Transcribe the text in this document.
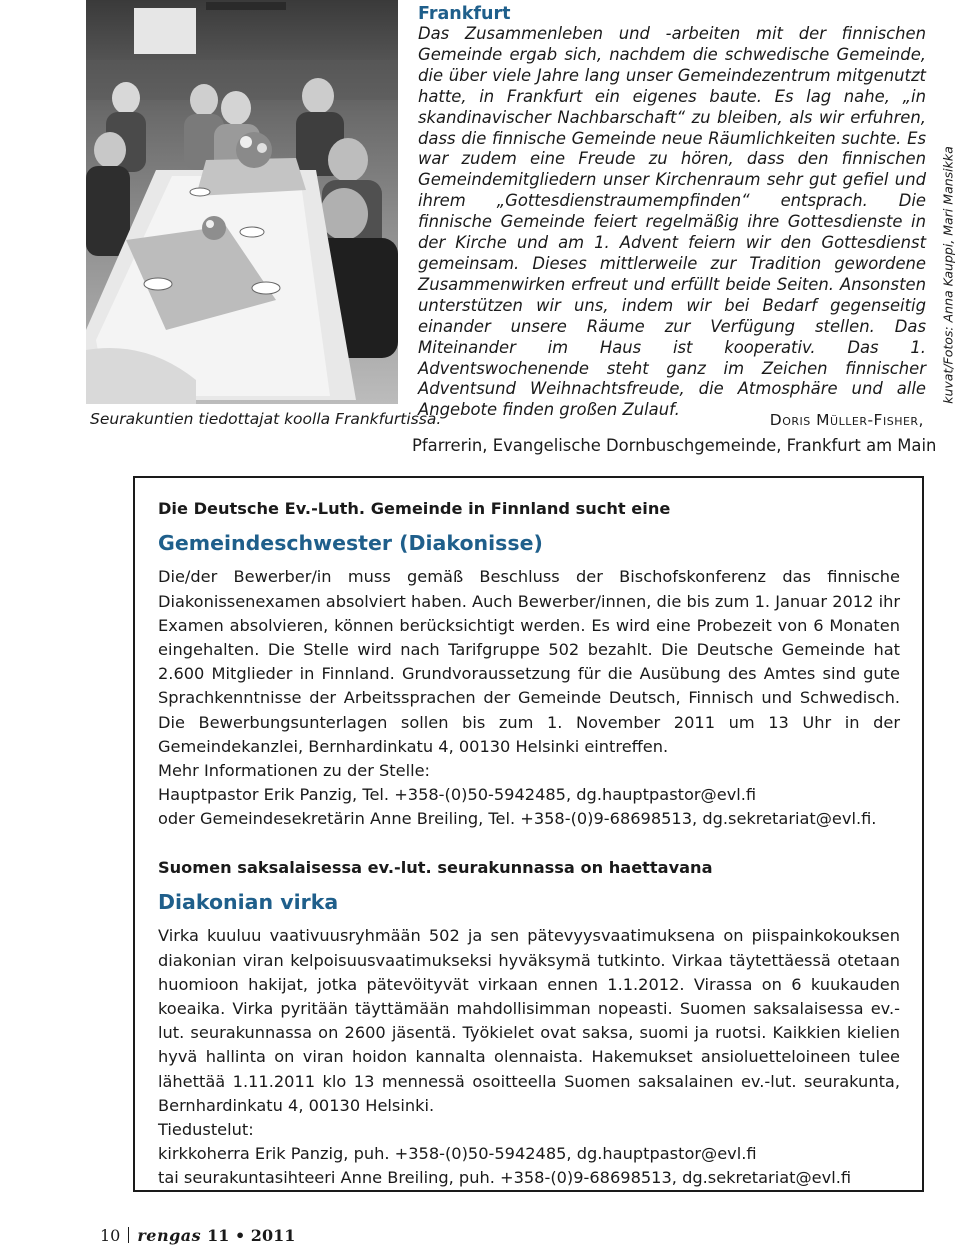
Seurakuntien tiedottajat koolla Frankfurtissa.
kuvat/Fotos: Anna Kauppi, Mari Mansikka
Frankfurt

Das Zusammenleben und -arbeiten mit der finnischen Gemeinde ergab sich, nachdem die schwedische Gemeinde, die über viele Jahre lang unser Gemeindezentrum mitgenutzt hatte, in Frankfurt ein eigenes baute. Es lag nahe, „in skandinavischer Nachbarschaft“ zu bleiben, als wir erfuhren, dass die finnische Gemeinde neue Räumlichkeiten suchte. Es war zudem eine Freude zu hören, dass den finnischen Gemeindemitgliedern unser Kirchenraum sehr gut gefiel und ihrem „Gottesdienstraumempfinden“ entsprach. Die finnische Gemeinde feiert regelmäßig ihre Gottesdienste in der Kirche und am 1. Advent feiern wir den Gottesdienst gemeinsam. Dieses mittlerweile zur Tradition gewordene Zusammenwirken erfreut und erfüllt beide Seiten. Ansonsten unterstützen wir uns, indem wir bei Bedarf gegenseitig einander unsere Räume zur Verfügung stellen. Das Miteinander im Haus ist kooperativ. Das 1. Adventswochenende steht ganz im Zeichen finnischer Adventsund Weihnachtsfreude, die Atmosphäre und alle Angebote finden großen Zulauf.

Doris Müller-Fisher,
Pfarrerin, Evangelische Dornbuschgemeinde, Frankfurt am Main
Die Deutsche Ev.-Luth. Gemeinde in Finnland sucht eine
Gemeindeschwester (Diakonisse)

Die/der Bewerber/in muss gemäß Beschluss der Bischofskonferenz das finnische Diakonissenexamen absolviert haben. Auch Bewerber/innen, die bis zum 1. Januar 2012 ihr Examen absolvieren, können berücksichtigt werden. Es wird eine Probezeit von 6 Monaten eingehalten. Die Stelle wird nach Tarifgruppe 502 bezahlt. Die Deutsche Gemeinde hat 2.600 Mitglieder in Finnland. Grundvoraussetzung für die Ausübung des Amtes sind gute Sprachkenntnisse der Arbeitssprachen der Gemeinde Deutsch, Finnisch und Schwedisch. Die Bewerbungsunterlagen sollen bis zum 1. November 2011 um 13 Uhr in der Gemeindekanzlei, Bernhardinkatu 4, 00130 Helsinki eintreffen.

Mehr Informationen zu der Stelle:
Hauptpastor Erik Panzig, Tel. +358-(0)50-5942485, dg.hauptpastor@evl.fi
oder Gemeindesekretärin Anne Breiling, Tel. +358-(0)9-68698513, dg.sekretariat@evl.fi.
Suomen saksalaisessa ev.-lut. seurakunnassa on haettavana
Diakonian virka

Virka kuuluu vaativuusryhmään 502 ja sen pätevyysvaatimuksena on piispainkokouksen diakonian viran kelpoisuusvaatimukseksi hyväksymä tutkinto. Virkaa täytettäessä otetaan huomioon hakijat, jotka pätevöityvät virkaan ennen 1.1.2012. Virassa on 6 kuukauden koeaika. Virka pyritään täyttämään mahdollisimman nopeasti. Suomen saksalaisessa ev.-lut. seurakunnassa on 2600 jäsentä. Työkielet ovat saksa, suomi ja ruotsi. Kaikkien kielien hyvä hallinta on viran hoidon kannalta olennaista. Hakemukset ansioluetteloineen tulee lähettää 1.11.2011 klo 13 mennessä osoitteella Suomen saksalainen ev.-lut. seurakunta, Bernhardinkatu 4, 00130 Helsinki.

Tiedustelut:
kirkkoherra Erik Panzig, puh. +358-(0)50-5942485, dg.hauptpastor@evl.fi
tai seurakuntasihteeri Anne Breiling, puh. +358-(0)9-68698513, dg.sekretariat@evl.fi
10 rengas 11 • 2011
